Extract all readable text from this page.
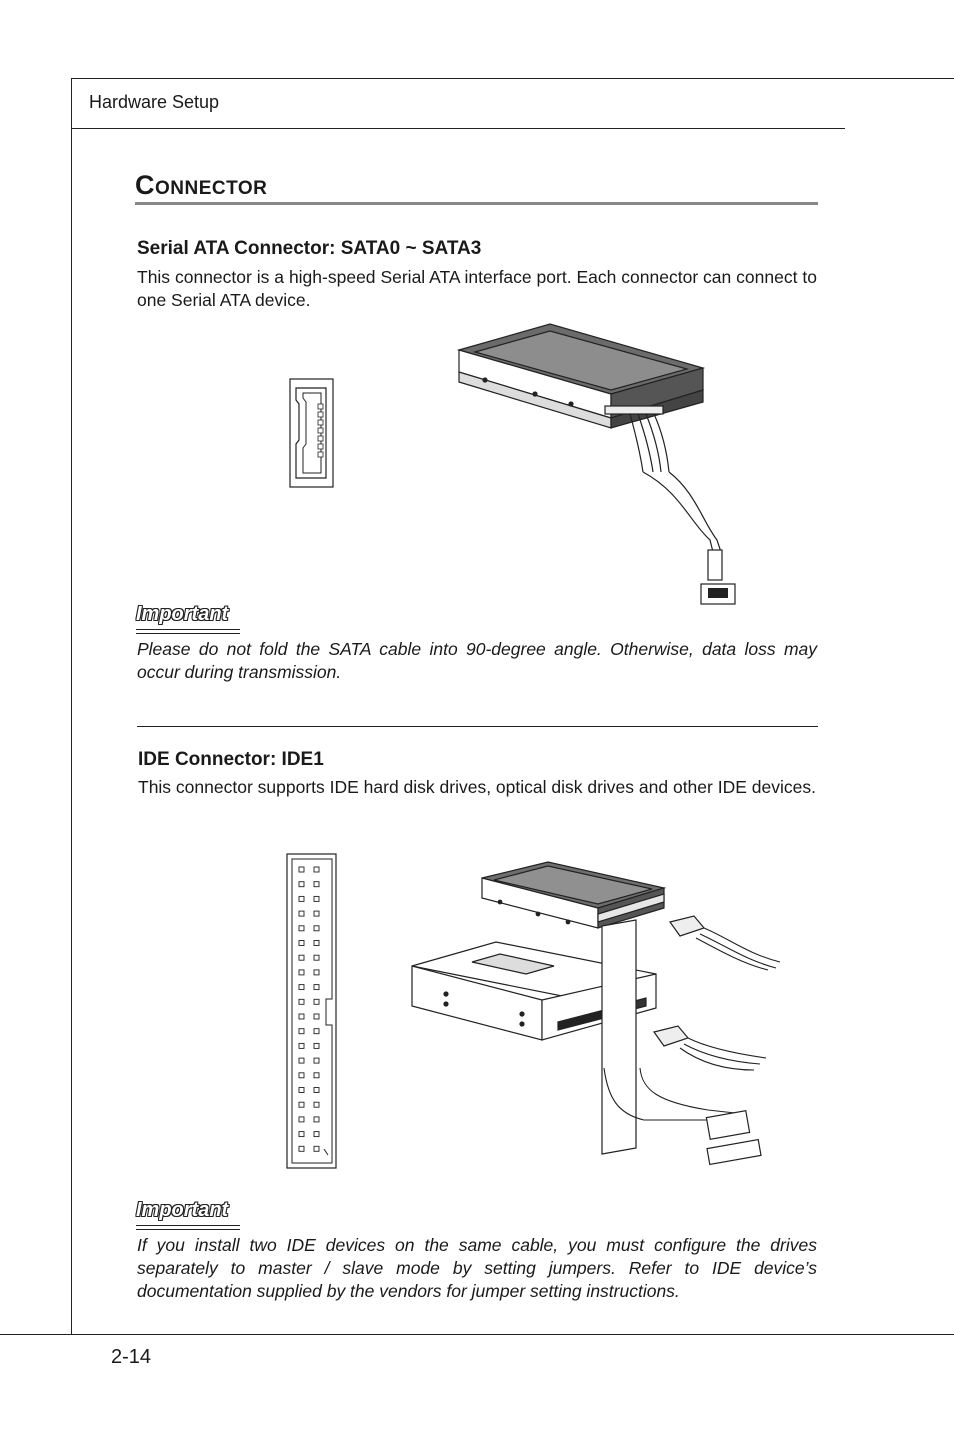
Hardware Setup
CONNECTOR
Serial ATA Connector: SATA0 ~ SATA3
This connector is a high-speed Serial ATA interface port. Each connector can connect to one Serial ATA device.
Important
Please do not fold the SATA cable into 90-degree angle. Otherwise, data loss may occur during transmission.
IDE Connector: IDE1
This connector supports IDE hard disk drives, optical disk drives and other IDE devices.
Important
If you install two IDE devices on the same cable, you must configure the drives separately to master / slave mode by setting jumpers. Refer to IDE device’s documentation supplied by the vendors for jumper setting instructions.
2-14
